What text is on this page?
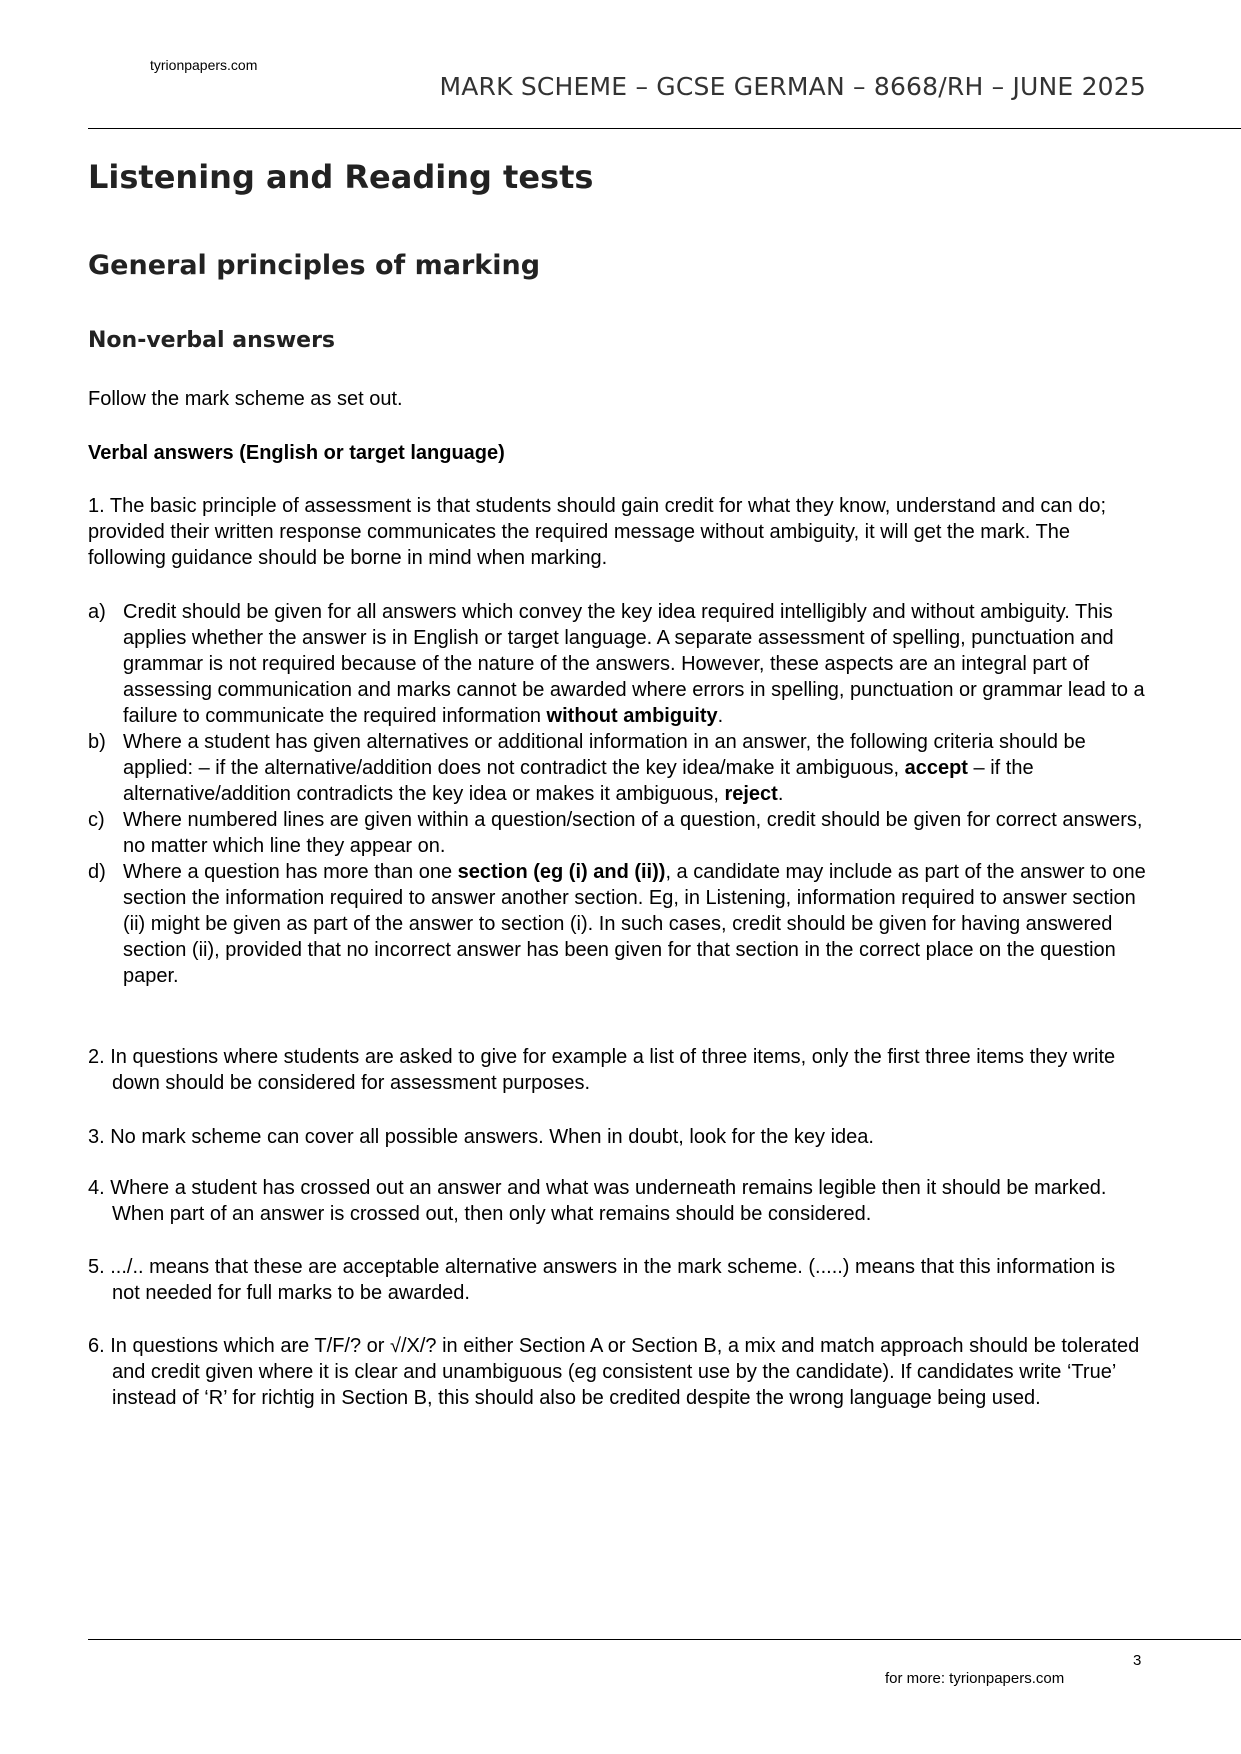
tyrionpapers.com
MARK SCHEME – GCSE GERMAN – 8668/RH – JUNE 2025
Listening and Reading tests
General principles of marking
Non-verbal answers
Follow the mark scheme as set out.
Verbal answers (English or target language)
1. The basic principle of assessment is that students should gain credit for what they know, understand and can do; provided their written response communicates the required message without ambiguity, it will get the mark. The following guidance should be borne in mind when marking.
a) Credit should be given for all answers which convey the key idea required intelligibly and without ambiguity. This applies whether the answer is in English or target language. A separate assessment of spelling, punctuation and grammar is not required because of the nature of the answers. However, these aspects are an integral part of assessing communication and marks cannot be awarded where errors in spelling, punctuation or grammar lead to a failure to communicate the required information without ambiguity.
b) Where a student has given alternatives or additional information in an answer, the following criteria should be applied: – if the alternative/addition does not contradict the key idea/make it ambiguous, accept – if the alternative/addition contradicts the key idea or makes it ambiguous, reject.
c) Where numbered lines are given within a question/section of a question, credit should be given for correct answers, no matter which line they appear on.
d) Where a question has more than one section (eg (i) and (ii)), a candidate may include as part of the answer to one section the information required to answer another section. Eg, in Listening, information required to answer section (ii) might be given as part of the answer to section (i). In such cases, credit should be given for having answered section (ii), provided that no incorrect answer has been given for that section in the correct place on the question paper.
2. In questions where students are asked to give for example a list of three items, only the first three items they write down should be considered for assessment purposes.
3. No mark scheme can cover all possible answers. When in doubt, look for the key idea.
4. Where a student has crossed out an answer and what was underneath remains legible then it should be marked. When part of an answer is crossed out, then only what remains should be considered.
5. .../.. means that these are acceptable alternative answers in the mark scheme. (.....) means that this information is not needed for full marks to be awarded.
6. In questions which are T/F/? or √/X/? in either Section A or Section B, a mix and match approach should be tolerated and credit given where it is clear and unambiguous (eg consistent use by the candidate). If candidates write ‘True’ instead of ‘R’ for richtig in Section B, this should also be credited despite the wrong language being used.
3
for more: tyrionpapers.com
